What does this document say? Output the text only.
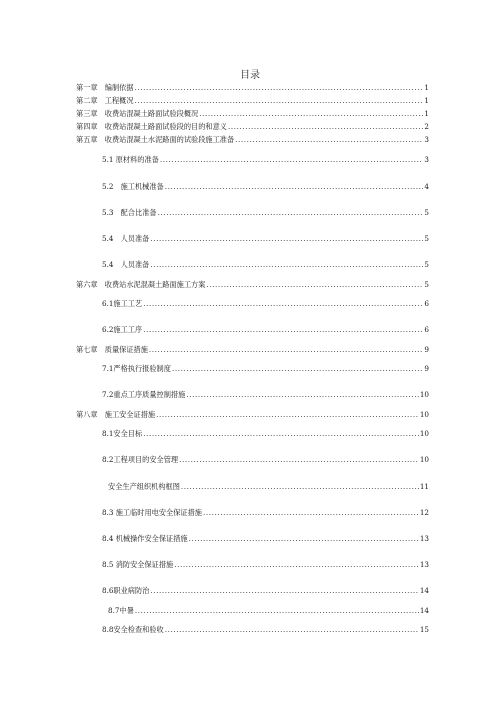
目录
第一章　编制依据 .....	1
第二章　工程概况 .....	1
第三章　收费站混凝土路面试验段概况 .....	1
第四章　收费站混凝土路面试验段的目的和意义 .....	2
第五章　收费站混凝土水泥路面的试验段施工准备 .....	3
5.1 原材料的准备 .....	3
5.2　施工机械准备 .....	4
5.3　配合比准备 .....	5
5.4　人员准备 .....	5
5.4　人员准备 .....	5
第六章　收费站水泥混凝土路面施工方案 .....	5
6.1施工工艺 .....	6
6.2施工工序 .....	6
第七章　质量保证措施 .....	9
7.1严格执行报验制度 .....	9
7.2重点工序质量控制措施 .....	10
第八章　施工安全证措施 .....	10
8.1安全目标 .....	10
8.2工程项目的安全管理 .....	10
安全生产组织机构框图 .....	11
8.3 施工临时用电安全保证措施 .....	12
8.4 机械操作安全保证措施 .....	13
8.5 消防安全保证措施 .....	13
8.6职业病防治 .....	14
8.7中暑 .....	14
8.8安全检查和验收 .....	15
